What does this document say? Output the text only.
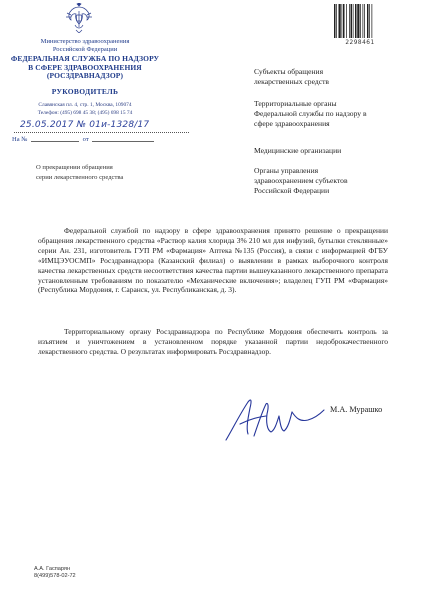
Министерство здравоохранения
Российской Федерации
ФЕДЕРАЛЬНАЯ СЛУЖБА ПО НАДЗОРУ
В СФЕРЕ ЗДРАВООХРАНЕНИЯ
(РОСЗДРАВНАДЗОР)
РУКОВОДИТЕЛЬ
Славянская пл. 4, стр. 1, Москва, 109074
Телефон: (495) 698 45 38; (495) 698 15 74
25.05.2017 № 01и-1328/17
На №	от
О прекращении обращения
серии лекарственного средства
2298461
Субъекты обращения
лекарственных средств
Территориальные органы
Федеральной службы по надзору в
сфере здравоохранения
Медицинские организации
Органы управления
здравоохранением субъектов
Российской Федерации
Федеральной службой по надзору в сфере здравоохранения принято решение о прекращении обращения лекарственного средства «Раствор калия хлорида 3% 210 мл для инфузий, бутылки стеклянные» серии Ан. 231, изготовитель ГУП РМ «Фармация» Аптека №135 (Россия), в связи с информацией ФГБУ «ИМЦЭУОСМП» Росздравнадзора (Казанский филиал) о выявлении в рамках выборочного контроля качества лекарственных средств несоответствия качества партии вышеуказанного лекарственного препарата установленным требованиям по показателю «Механические включения»; владелец ГУП РМ «Фармация» (Республика Мордовия, г. Саранск, ул. Республиканская, д. 3).
Территориальному органу Росздравнадзора по Республике Мордовия обеспечить контроль за изъятием и уничтожением в установленном порядке указанной партии недоброкачественного лекарственного средства. О результатах информировать Росздравнадзор.
М.А. Мурашко
А.А. Гаспарян
8(499)578-02-72
